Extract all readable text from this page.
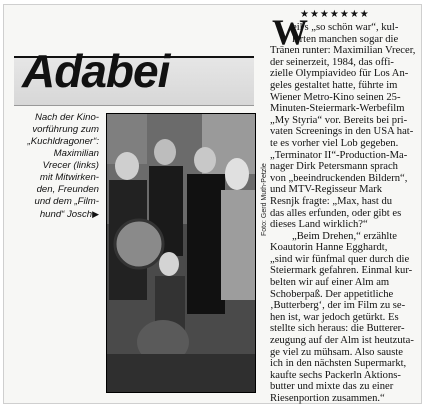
Adabei
Nach der Kino-
vorführung zum
„Kuchldragoner“: Maximilian
Vrecer (links)
mit Mitwirken-
den, Freunden
und dem „Film-
hund“ Josch▶	Foto: Gerd Muth-Petzle
★★★★★★★
W
eil's „so schön war“, kul-
lerten manchen sogar die
Tränen runter: Maximilian Vrecer,
der seinerzeit, 1984, das offi-
zielle Olympiavideo für Los An-
geles gestaltet hatte, führte im
Wiener Metro-Kino seinen 25-
Minuten-Steiermark-Werbefilm
„My Styria“ vor. Bereits bei pri-
vaten Screenings in den USA hat-
te es vorher viel Lob gegeben.
„Terminator II“-Production-Ma-
nager Dirk Petersmann sprach
von „beeindruckenden Bildern“,
und MTV-Regisseur Mark
Resnjk fragte: „Max, hast du
das alles erfunden, oder gibt es
dieses Land wirklich?“
„Beim Drehen,“ erzählte
Koautorin Hanne Egghardt,
„sind wir fünfmal quer durch die
Steiermark gefahren. Einmal kur-
belten wir auf einer Alm am
Schoberpaß. Der appetitliche
‚Butterberg‘, der im Film zu se-
hen ist, war jedoch getürkt. Es
stellte sich heraus: die Butterer-
zeugung auf der Alm ist heutzuta-
ge viel zu mühsam. Also sauste
ich in den nächsten Supermarkt,
kaufte sechs Packerln Aktions-
butter und mixte das zu einer
Riesenportion zusammen.“
